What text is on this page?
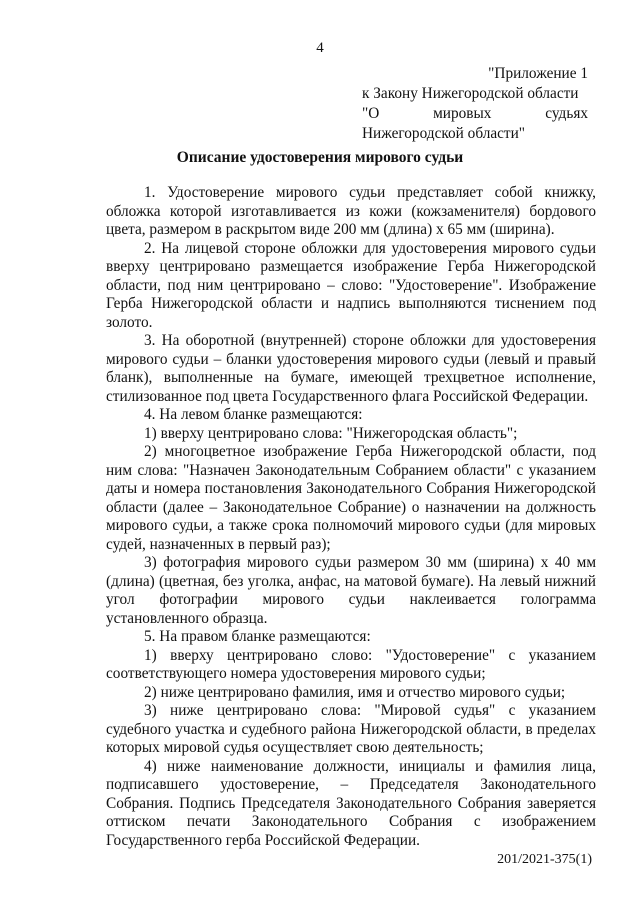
4
"Приложение 1
к Закону Нижегородской области
"О мировых судьях
Нижегородской области"
Описание удостоверения мирового судьи

1. Удостоверение мирового судьи представляет собой книжку, обложка которой изготавливается из кожи (кожзаменителя) бордового цвета, размером в раскрытом виде 200 мм (длина) х 65 мм (ширина).

2. На лицевой стороне обложки для удостоверения мирового судьи вверху центрировано размещается изображение Герба Нижегородской области, под ним центрировано – слово: "Удостоверение". Изображение Герба Нижегородской области и надпись выполняются тиснением под золото.

3. На оборотной (внутренней) стороне обложки для удостоверения мирового судьи – бланки удостоверения мирового судьи (левый и правый бланк), выполненные на бумаге, имеющей трехцветное исполнение, стилизованное под цвета Государственного флага Российской Федерации.

4. На левом бланке размещаются:

1) вверху центрировано слова: "Нижегородская область";

2) многоцветное изображение Герба Нижегородской области, под ним слова: "Назначен Законодательным Собранием области" с указанием даты и номера постановления Законодательного Собрания Нижегородской области (далее – Законодательное Собрание) о назначении на должность мирового судьи, а также срока полномочий мирового судьи (для мировых судей, назначенных в первый раз);

3) фотография мирового судьи размером 30 мм (ширина) х 40 мм (длина) (цветная, без уголка, анфас, на матовой бумаге). На левый нижний угол фотографии мирового судьи наклеивается голограмма установленного образца.

5. На правом бланке размещаются:

1) вверху центрировано слово: "Удостоверение" с указанием соответствующего номера удостоверения мирового судьи;

2) ниже центрировано фамилия, имя и отчество мирового судьи;

3) ниже центрировано слова: "Мировой судья" с указанием судебного участка и судебного района Нижегородской области, в пределах которых мировой судья осуществляет свою деятельность;

4) ниже наименование должности, инициалы и фамилия лица, подписавшего удостоверение, – Председателя Законодательного Собрания. Подпись Председателя Законодательного Собрания заверяется оттиском печати Законодательного Собрания с изображением Государственного герба Российской Федерации.

201/2021-375(1)
